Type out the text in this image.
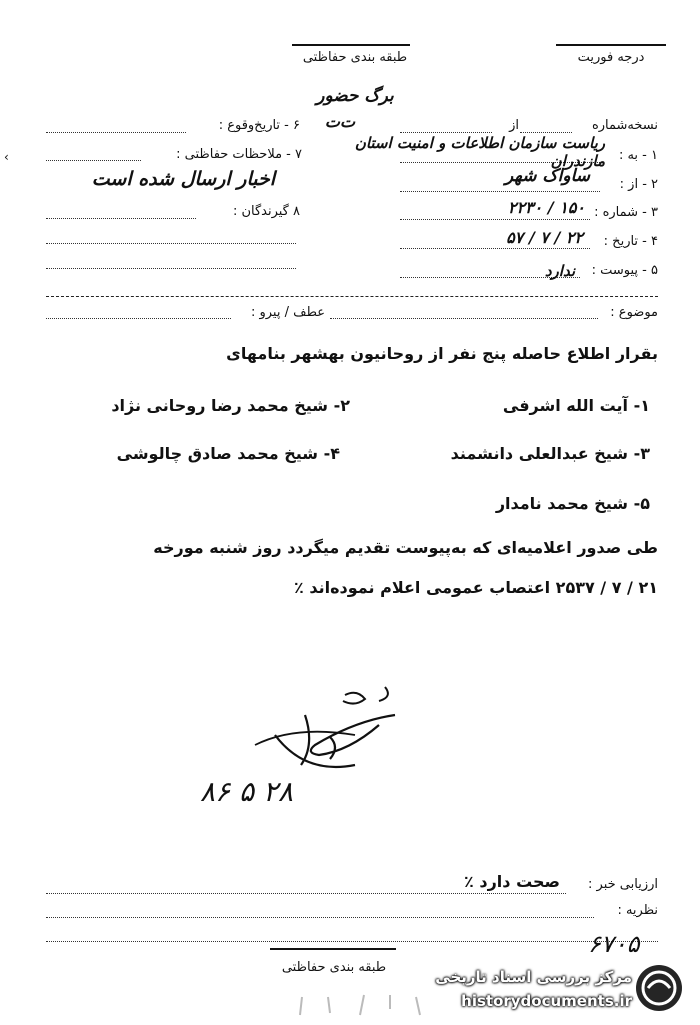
طبقه بندی حفاظتی	درجه فوریت
برگ حضور
۶ - تاریخ‌وقوع :	ت‌ت
۷ - ملاحظات حفاظتی :
اخبار ارسال شده است
۸ گیرندگان :
نسخه‌شماره
از
۱ - به :
ریاست سازمان اطلاعات و امنیت استان مازندران
۲ - از :
ساواک شهر
۳ - شماره :
۲۲۳۰ / ۱۵۰
۴ - تاریخ :
۵۷ / ۷ / ۲۲
۵ - پیوست :
ندارد
موضوع :
عطف / پیرو :
بقرار اطلاع حاصله پنج نفر از روحانیون بهشهر بنامهای
۱- آیت الله اشرفی
۲- شیخ محمد رضا روحانی نژاد
۳- شیخ عبدالعلی دانشمند
۴- شیخ محمد صادق چالوشی
۵- شیخ محمد نامدار
طی صدور اعلامیه‌ای که به‌پیوست تقدیم میگردد روز شنبه مورخه
۲۱ / ۷ / ۲۵۳۷ اعتصاب عمومی اعلام نموده‌اند ٪
۸۶ ۵ ۲۸
ارزیابی خبر :
صحت دارد ٪
نظریه :
طبقه بندی حفاظتی
۶۷۰۵
مرکز بررسی اسناد تاریخی
historydocuments.ir
‹
